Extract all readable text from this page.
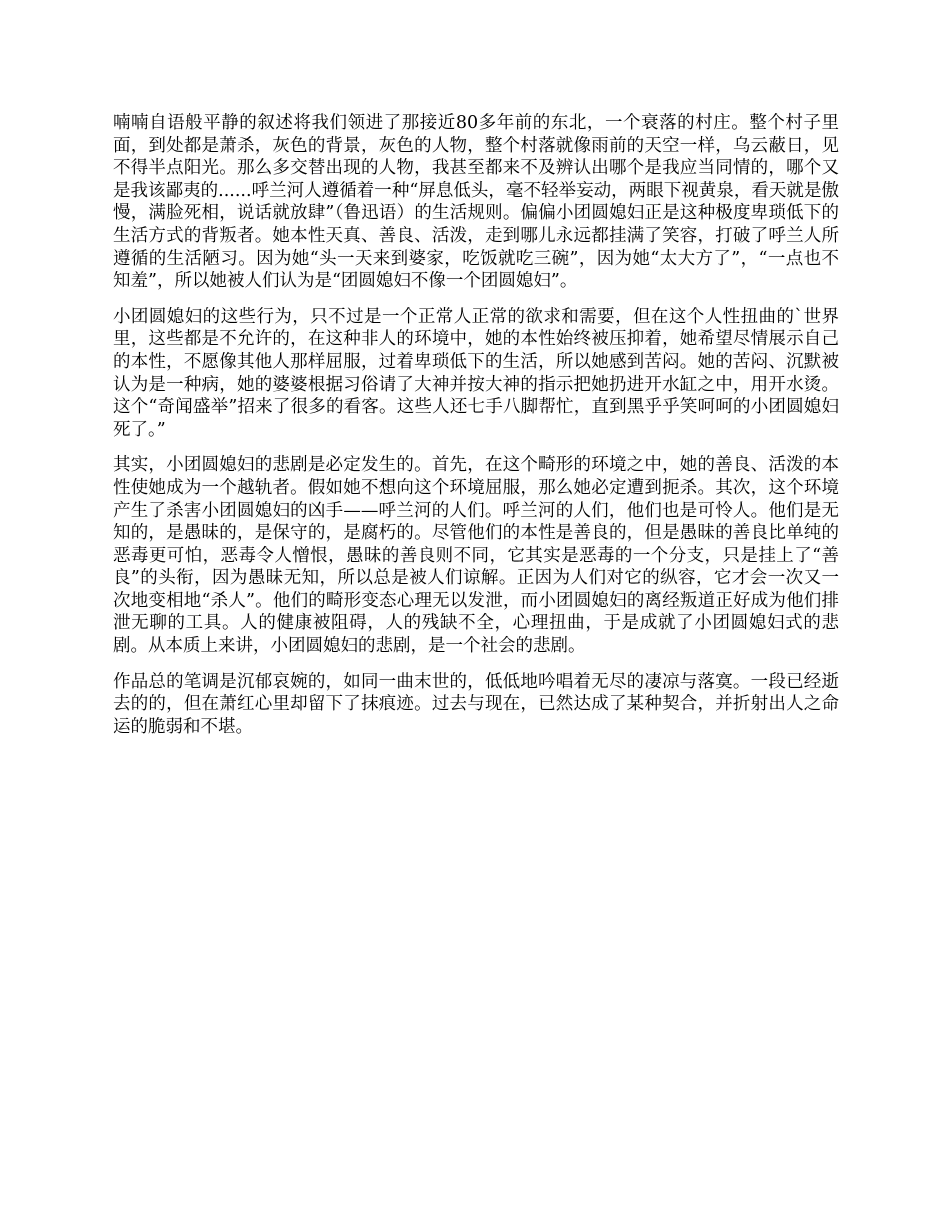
喃喃自语般平静的叙述将我们领进了那接近80多年前的东北，一个衰落的村庄。整个村子里面，到处都是萧杀，灰色的背景，灰色的人物，整个村落就像雨前的天空一样，乌云蔽日，见不得半点阳光。那么多交替出现的人物，我甚至都来不及辨认出哪个是我应当同情的，哪个又是我该鄙夷的......呼兰河人遵循着一种“屏息低头，毫不轻举妄动，两眼下视黄泉，看天就是傲慢，满脸死相，说话就放肆”（鲁迅语）的生活规则。偏偏小团圆媳妇正是这种极度卑琐低下的生活方式的背叛者。她本性天真、善良、活泼，走到哪儿永远都挂满了笑容，打破了呼兰人所遵循的生活陋习。因为她“头一天来到婆家，吃饭就吃三碗”，因为她“太大方了”，“一点也不知羞”，所以她被人们认为是“团圆媳妇不像一个团圆媳妇”。

小团圆媳妇的这些行为，只不过是一个正常人正常的欲求和需要，但在这个人性扭曲的`世界里，这些都是不允许的，在这种非人的环境中，她的本性始终被压抑着，她希望尽情展示自己的本性，不愿像其他人那样屈服，过着卑琐低下的生活，所以她感到苦闷。她的苦闷、沉默被认为是一种病，她的婆婆根据习俗请了大神并按大神的指示把她扔进开水缸之中，用开水烫。这个“奇闻盛举”招来了很多的看客。这些人还七手八脚帮忙，直到黑乎乎笑呵呵的小团圆媳妇死了。”

其实，小团圆媳妇的悲剧是必定发生的。首先，在这个畸形的环境之中，她的善良、活泼的本性使她成为一个越轨者。假如她不想向这个环境屈服，那么她必定遭到扼杀。其次，这个环境产生了杀害小团圆媳妇的凶手——呼兰河的人们。呼兰河的人们，他们也是可怜人。他们是无知的，是愚昧的，是保守的，是腐朽的。尽管他们的本性是善良的，但是愚昧的善良比单纯的恶毒更可怕，恶毒令人憎恨，愚昧的善良则不同，它其实是恶毒的一个分支，只是挂上了“善良”的头衔，因为愚昧无知，所以总是被人们谅解。正因为人们对它的纵容，它才会一次又一次地变相地“杀人”。他们的畸形变态心理无以发泄，而小团圆媳妇的离经叛道正好成为他们排泄无聊的工具。人的健康被阻碍，人的残缺不全，心理扭曲，于是成就了小团圆媳妇式的悲剧。从本质上来讲，小团圆媳妇的悲剧，是一个社会的悲剧。

作品总的笔调是沉郁哀婉的，如同一曲末世的，低低地吟唱着无尽的凄凉与落寞。一段已经逝去的的，但在萧红心里却留下了抹痕迹。过去与现在，已然达成了某种契合，并折射出人之命运的脆弱和不堪。
